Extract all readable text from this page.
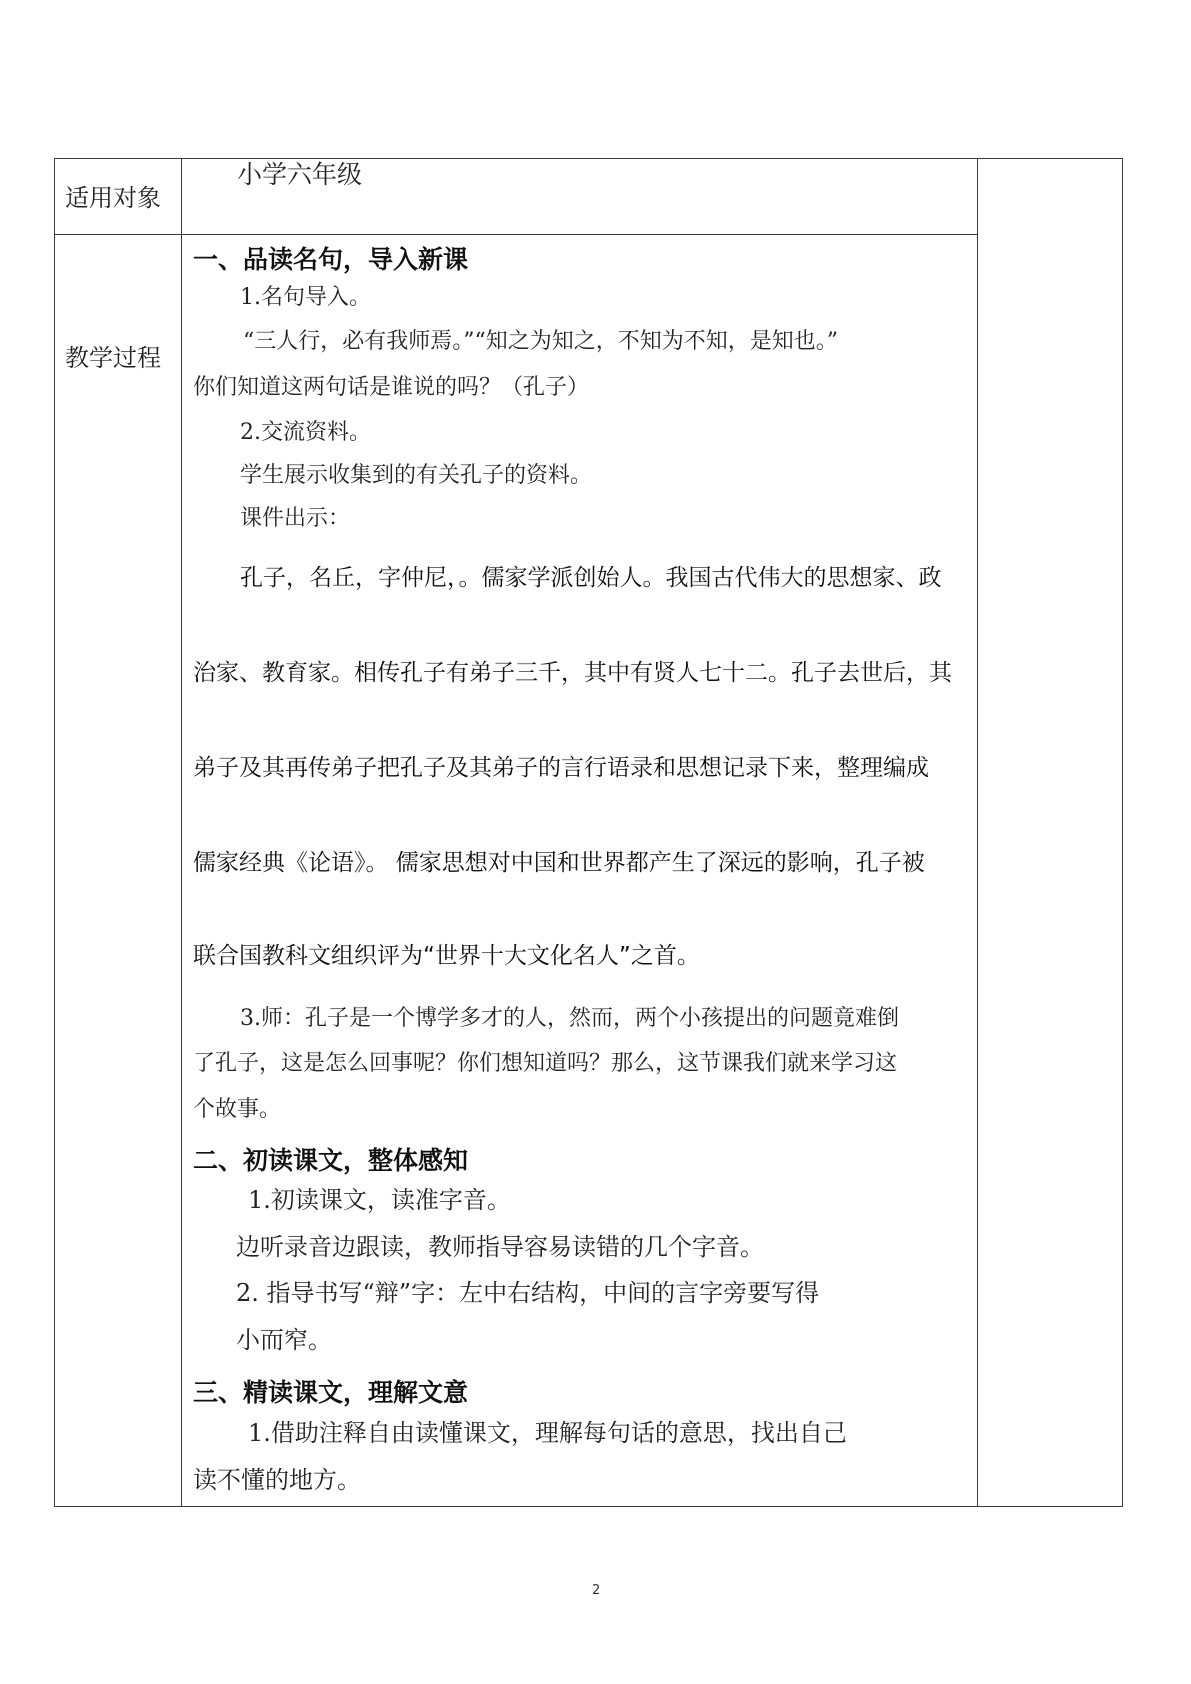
适用对象
小学六年级
教学过程
一、品读名句，导入新课
1.名句导入。
“三人行，必有我师焉。”“知之为知之，不知为不知，是知也。”
你们知道这两句话是谁说的吗？（孔子）
2.交流资料。
学生展示收集到的有关孔子的资料。
课件出示：
孔子，名丘，字仲尼，。儒家学派创始人。我国古代伟大的思想家、政
治家、教育家。相传孔子有弟子三千，其中有贤人七十二。孔子去世后，其
弟子及其再传弟子把孔子及其弟子的言行语录和思想记录下来，整理编成
儒家经典《论语》。 儒家思想对中国和世界都产生了深远的影响，孔子被
联合国教科文组织评为“世界十大文化名人”之首。
3.师：孔子是一个博学多才的人，然而，两个小孩提出的问题竟难倒
了孔子，这是怎么回事呢？你们想知道吗？那么，这节课我们就来学习这
个故事。
二、初读课文，整体感知
1.初读课文，读准字音。
边听录音边跟读，教师指导容易读错的几个字音。
2. 指导书写“辩”字：左中右结构，中间的言字旁要写得
小而窄。
三、精读课文，理解文意
1.借助注释自由读懂课文，理解每句话的意思，找出自己
读不懂的地方。
2
